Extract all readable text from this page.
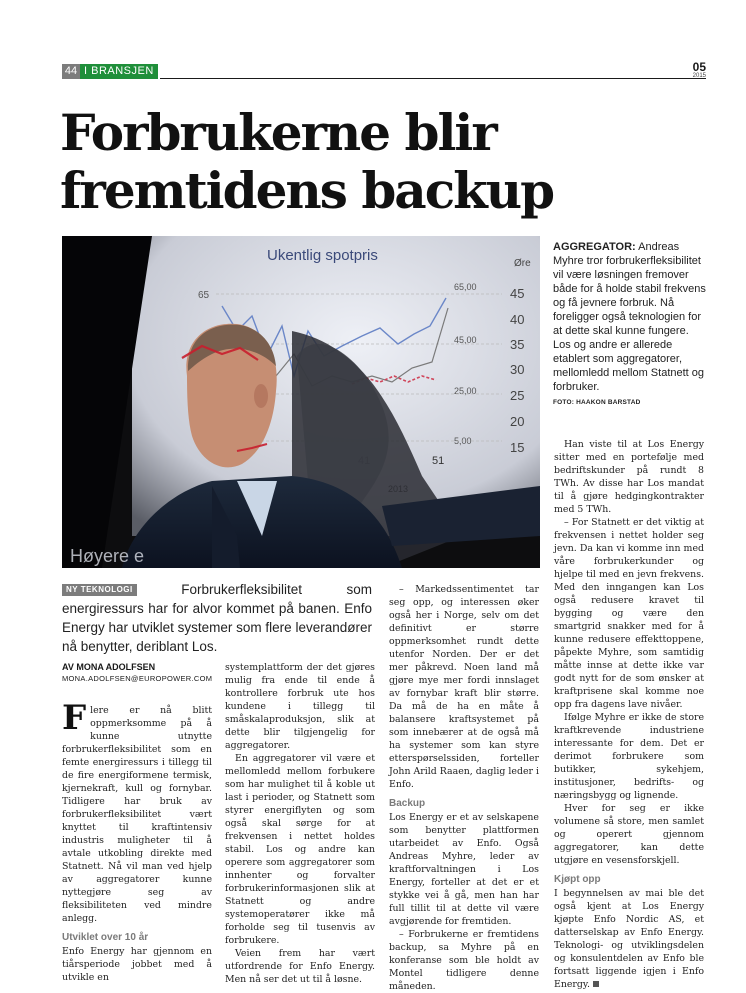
44 I BRANSJEN	05
2015
Forbrukerne blir
fremtidens backup
Ukentlig spotpris	Øre
65
65,00
45,00
25,00
5,00
45
40
35
30
25
20
15
51
Høyere e
AGGREGATOR: Andreas Myhre tror forbrukerfleksibilitet vil være løsningen fremover både for å holde stabil frekvens og få jevnere forbruk. Nå foreligger også teknologien for at dette skal kunne fungere. Los og andre er allerede etablert som aggregatorer, mellomledd mellom Statnett og forbruker.
FOTO: HAAKON BARSTAD
NY TEKNOLOGI	Forbrukerfleksibilitet som energiressurs har for alvor kommet på banen. Enfo Energy har utviklet systemer som flere leverandører nå benytter, deriblant Los.
AV MONA ADOLFSEN
MONA.ADOLFSEN@EUROPOWER.COM

Flere er nå blitt oppmerksomme på å kunne utnytte forbrukerfleksibilitet som en femte energiressurs i tillegg til de fire energiformene termisk, kjernekraft, kull og fornybar. Tidligere har bruk av forbrukerfleksibilitet vært knyttet til kraftintensiv industris muligheter til å avtale utkobling direkte med Statnett. Nå vil man ved hjelp av aggregatorer kunne nyttegjøre seg av fleksibiliteten ved mindre anlegg.

Utviklet over 10 år

Enfo Energy har gjennom en tiårsperiode jobbet med å utvikle en

systemplattform der det gjøres mulig fra ende til ende å kontrollere forbruk ute hos kundene i tillegg til småskalaproduksjon, slik at dette blir tilgjengelig for aggregatorer.

En aggregatorer vil være et mellomledd mellom forbukere som har mulighet til å koble ut last i perioder, og Statnett som styrer energiflyten og som også skal sørge for at frekvensen i nettet holdes stabil. Los og andre kan operere som aggregatorer som innhenter og forvalter forbrukerinformasjonen slik at Statnett og andre systemoperatører ikke må forholde seg til tusenvis av forbrukere.

Veien frem har vært utfordrende for Enfo Energy. Men nå ser det ut til å løsne.

– Markedssentimentet tar seg opp, og interessen øker også her i Norge, selv om det definitivt er større oppmerksomhet rundt dette utenfor Norden. Der er det mer påkrevd. Noen land må gjøre mye mer fordi innslaget av fornybar kraft blir større. Da må de ha en måte å balansere kraftsystemet på som innebærer at de også må ha systemer som kan styre etterspørselssiden, forteller John Arild Raaen, daglig leder i Enfo.

Backup

Los Energy er et av selskapene som benytter plattformen utarbeidet av Enfo. Også Andreas Myhre, leder av kraftforvaltningen i Los Energy, forteller at det er et stykke vei å gå, men han har full tillit til at dette vil være avgjørende for fremtiden.

– Forbrukerne er fremtidens backup, sa Myhre på en konferanse som ble holdt av Montel tidligere denne måneden.

Han viste til at Los Energy sitter med en portefølje med bedriftskunder på rundt 8 TWh. Av disse har Los mandat til å gjøre hedgingkontrakter med 5 TWh.

– For Statnett er det viktig at frekvensen i nettet holder seg jevn. Da kan vi komme inn med våre forbrukerkunder og hjelpe til med en jevn frekvens. Med den inngangen kan Los også redusere kravet til bygging og være den smartgrid snakker med for å kunne redusere effekttoppene, påpekte Myhre, som samtidig måtte innse at dette ikke var godt nytt for de som ønsker at kraftprisene skal komme noe opp fra dagens lave nivåer.

Ifølge Myhre er ikke de store kraftkrevende industriene interessante for dem. Det er derimot forbrukere som butikker, sykehjem, institusjoner, bedrifts- og næringsbygg og lignende.

Hver for seg er ikke volumene så store, men samlet og operert gjennom aggregatorer, kan dette utgjøre en vesensforskjell.

Kjøpt opp

I begynnelsen av mai ble det også kjent at Los Energy kjøpte Enfo Nordic AS, et datterselskap av Enfo Energy. Teknologi- og utviklingsdelen og konsulentdelen av Enfo ble fortsatt liggende igjen i Enfo Energy.
